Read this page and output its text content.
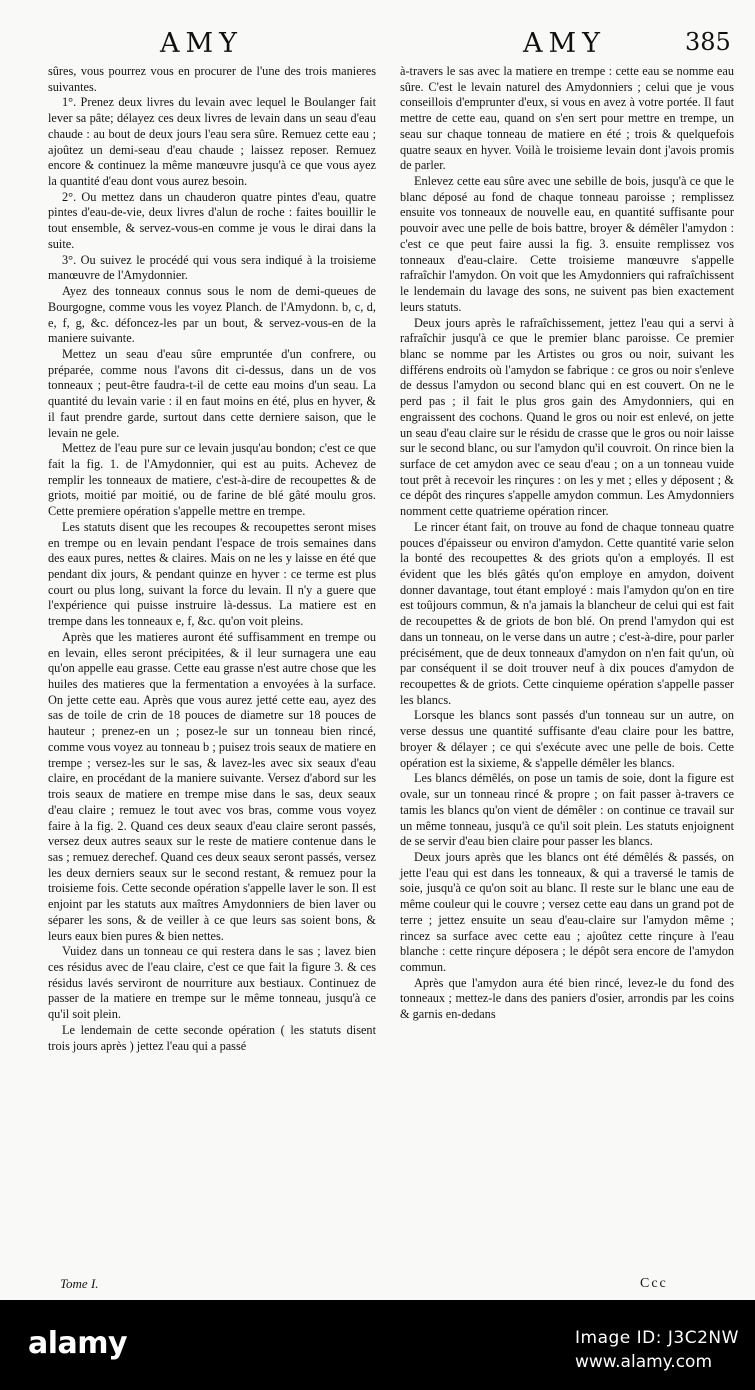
AMY	AMY	385

sûres, vous pourrez vous en procurer de l'une des trois manieres suivantes.

1°. Prenez deux livres du levain avec lequel le Boulanger fait lever sa pâte; délayez ces deux livres de levain dans un seau d'eau chaude : au bout de deux jours l'eau sera sûre. Remuez cette eau ; ajoûtez un demi-seau d'eau chaude ; laissez reposer. Remuez encore & continuez la même manœuvre jusqu'à ce que vous ayez la quantité d'eau dont vous aurez besoin.

2°. Ou mettez dans un chauderon quatre pintes d'eau, quatre pintes d'eau-de-vie, deux livres d'alun de roche : faites bouillir le tout ensemble, & servez-vous-en comme je vous le dirai dans la suite.

3°. Ou suivez le procédé qui vous sera indiqué à la troisieme manœuvre de l'Amydonnier.

Ayez des tonneaux connus sous le nom de demi-queues de Bourgogne, comme vous les voyez Planch. de l'Amydonn. b, c, d, e, f, g, &c. défoncez-les par un bout, & servez-vous-en de la maniere suivante.

Mettez un seau d'eau sûre empruntée d'un confrere, ou préparée, comme nous l'avons dit ci-dessus, dans un de vos tonneaux ; peut-être faudra-t-il de cette eau moins d'un seau. La quantité du levain varie : il en faut moins en été, plus en hyver, & il faut prendre garde, surtout dans cette derniere saison, que le levain ne gele.

Mettez de l'eau pure sur ce levain jusqu'au bondon; c'est ce que fait la fig. 1. de l'Amydonnier, qui est au puits. Achevez de remplir les tonneaux de matiere, c'est-à-dire de recoupettes & de griots, moitié par moitié, ou de farine de blé gâté moulu gros. Cette premiere opération s'appelle mettre en trempe.

Les statuts disent que les recoupes & recoupettes seront mises en trempe ou en levain pendant l'espace de trois semaines dans des eaux pures, nettes & claires. Mais on ne les y laisse en été que pendant dix jours, & pendant quinze en hyver : ce terme est plus court ou plus long, suivant la force du levain. Il n'y a guere que l'expérience qui puisse instruire là-dessus. La matiere est en trempe dans les tonneaux e, f, &c. qu'on voit pleins.

Après que les matieres auront été suffisamment en trempe ou en levain, elles seront précipitées, & il leur surnagera une eau qu'on appelle eau grasse. Cette eau grasse n'est autre chose que les huiles des matieres que la fermentation a envoyées à la surface. On jette cette eau. Après que vous aurez jetté cette eau, ayez des sas de toile de crin de 18 pouces de diametre sur 18 pouces de hauteur ; prenez-en un ; posez-le sur un tonneau bien rincé, comme vous voyez au tonneau b ; puisez trois seaux de matiere en trempe ; versez-les sur le sas, & lavez-les avec six seaux d'eau claire, en procédant de la maniere suivante. Versez d'abord sur les trois seaux de matiere en trempe mise dans le sas, deux seaux d'eau claire ; remuez le tout avec vos bras, comme vous voyez faire à la fig. 2. Quand ces deux seaux d'eau claire seront passés, versez deux autres seaux sur le reste de matiere contenue dans le sas ; remuez derechef. Quand ces deux seaux seront passés, versez les deux derniers seaux sur le second restant, & remuez pour la troisieme fois. Cette seconde opération s'appelle laver le son. Il est enjoint par les statuts aux maîtres Amydonniers de bien laver ou séparer les sons, & de veiller à ce que leurs sas soient bons, & leurs eaux bien pures & bien nettes.

Vuidez dans un tonneau ce qui restera dans le sas ; lavez bien ces résidus avec de l'eau claire, c'est ce que fait la figure 3. & ces résidus lavés serviront de nourriture aux bestiaux. Continuez de passer de la matiere en trempe sur le même tonneau, jusqu'à ce qu'il soit plein.

Le lendemain de cette seconde opération ( les statuts disent trois jours après ) jettez l'eau qui a passé

à-travers le sas avec la matiere en trempe : cette eau se nomme eau sûre. C'est le levain naturel des Amydonniers ; celui que je vous conseillois d'emprunter d'eux, si vous en avez à votre portée. Il faut mettre de cette eau, quand on s'en sert pour mettre en trempe, un seau sur chaque tonneau de matiere en été ; trois & quelquefois quatre seaux en hyver. Voilà le troisieme levain dont j'avois promis de parler.

Enlevez cette eau sûre avec une sebille de bois, jusqu'à ce que le blanc déposé au fond de chaque tonneau paroisse ; remplissez ensuite vos tonneaux de nouvelle eau, en quantité suffisante pour pouvoir avec une pelle de bois battre, broyer & démêler l'amydon : c'est ce que peut faire aussi la fig. 3. ensuite remplissez vos tonneaux d'eau-claire. Cette troisieme manœuvre s'appelle rafraîchir l'amydon. On voit que les Amydonniers qui rafraîchissent le lendemain du lavage des sons, ne suivent pas bien exactement leurs statuts.

Deux jours après le rafraîchissement, jettez l'eau qui a servi à rafraîchir jusqu'à ce que le premier blanc paroisse. Ce premier blanc se nomme par les Artistes ou gros ou noir, suivant les différens endroits où l'amydon se fabrique : ce gros ou noir s'enleve de dessus l'amydon ou second blanc qui en est couvert. On ne le perd pas ; il fait le plus gros gain des Amydonniers, qui en engraissent des cochons. Quand le gros ou noir est enlevé, on jette un seau d'eau claire sur le résidu de crasse que le gros ou noir laisse sur le second blanc, ou sur l'amydon qu'il couvroit. On rince bien la surface de cet amydon avec ce seau d'eau ; on a un tonneau vuide tout prêt à recevoir les rinçures : on les y met ; elles y déposent ; & ce dépôt des rinçures s'appelle amydon commun. Les Amydonniers nomment cette quatrieme opération rincer.

Le rincer étant fait, on trouve au fond de chaque tonneau quatre pouces d'épaisseur ou environ d'amydon. Cette quantité varie selon la bonté des recoupettes & des griots qu'on a employés. Il est évident que les blés gâtés qu'on employe en amydon, doivent donner davantage, tout étant employé : mais l'amydon qu'on en tire est toûjours commun, & n'a jamais la blancheur de celui qui est fait de recoupettes & de griots de bon blé. On prend l'amydon qui est dans un tonneau, on le verse dans un autre ; c'est-à-dire, pour parler précisément, que de deux tonneaux d'amydon on n'en fait qu'un, où par conséquent il se doit trouver neuf à dix pouces d'amydon de recoupettes & de griots. Cette cinquieme opération s'appelle passer les blancs.

Lorsque les blancs sont passés d'un tonneau sur un autre, on verse dessus une quantité suffisante d'eau claire pour les battre, broyer & délayer ; ce qui s'exécute avec une pelle de bois. Cette opération est la sixieme, & s'appelle démêler les blancs.

Les blancs démêlés, on pose un tamis de soie, dont la figure est ovale, sur un tonneau rincé & propre ; on fait passer à-travers ce tamis les blancs qu'on vient de démêler : on continue ce travail sur un même tonneau, jusqu'à ce qu'il soit plein. Les statuts enjoignent de se servir d'eau bien claire pour passer les blancs.

Deux jours après que les blancs ont été démêlés & passés, on jette l'eau qui est dans les tonneaux, & qui a traversé le tamis de soie, jusqu'à ce qu'on soit au blanc. Il reste sur le blanc une eau de même couleur qui le couvre ; versez cette eau dans un grand pot de terre ; jettez ensuite un seau d'eau-claire sur l'amydon même ; rincez sa surface avec cette eau ; ajoûtez cette rinçure à l'eau blanche : cette rinçure déposera ; le dépôt sera encore de l'amydon commun.

Après que l'amydon aura été bien rincé, levez-le du fond des tonneaux ; mettez-le dans des paniers d'osier, arrondis par les coins & garnis en-dedans

Tome I.	Ccc
alamy	Image ID: J3C2NW
www.alamy.com
